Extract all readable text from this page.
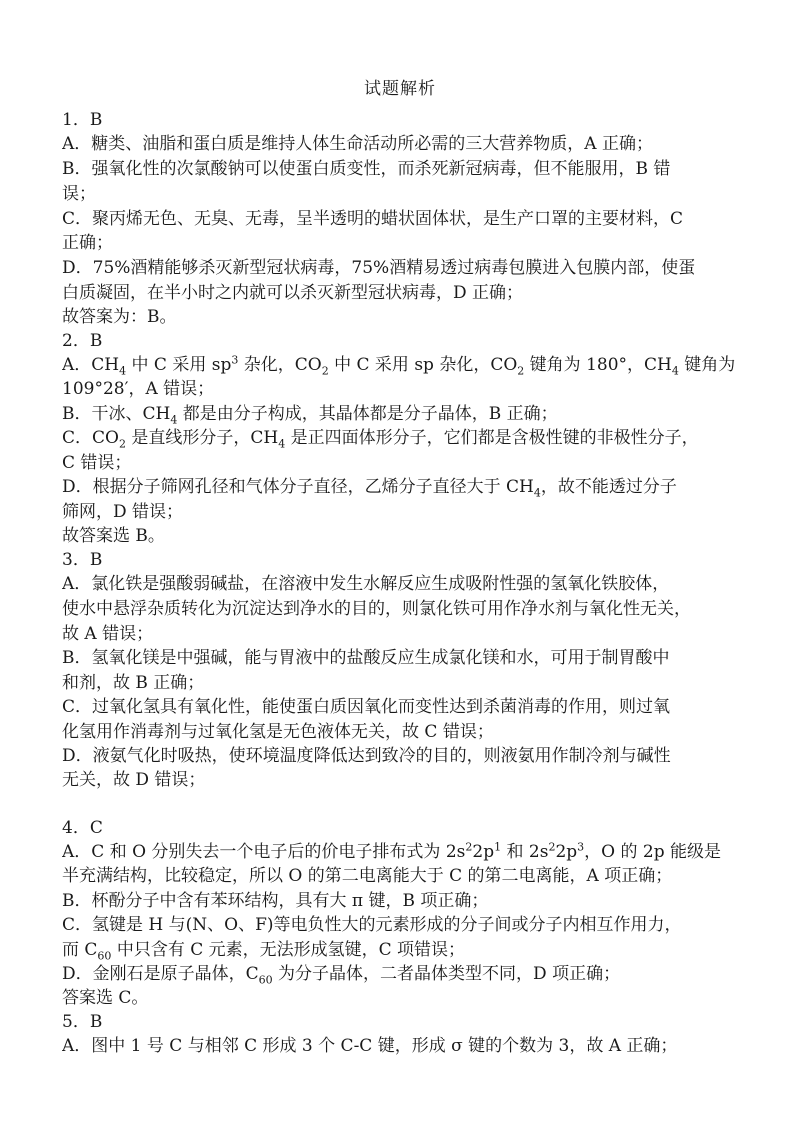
试题解析
1．B
A．糖类、油脂和蛋白质是维持人体生命活动所必需的三大营养物质，A 正确；
B．强氧化性的次氯酸钠可以使蛋白质变性，而杀死新冠病毒，但不能服用，B 错
误；
C．聚丙烯无色、无臭、无毒，呈半透明的蜡状固体状，是生产口罩的主要材料，C
正确；
D．75%酒精能够杀灭新型冠状病毒，75%酒精易透过病毒包膜进入包膜内部，使蛋
白质凝固，在半小时之内就可以杀灭新型冠状病毒，D 正确；
故答案为：B。
2．B
A．$CH_4$ 中 C 采用 $sp^3$ 杂化，$CO_2$ 中 C 采用 sp 杂化，$CO_2$ 键角为 180°，$CH_4$ 键角为
109°28′，A 错误；
B．干冰、$CH_4$ 都是由分子构成，其晶体都是分子晶体，B 正确；
C．$CO_2$ 是直线形分子，$CH_4$ 是正四面体形分子，它们都是含极性键的非极性分子，
C 错误；
D．根据分子筛网孔径和气体分子直径，乙烯分子直径大于 $CH_4$，故不能透过分子
筛网，D 错误；
故答案选 B。
3．B
A．氯化铁是强酸弱碱盐，在溶液中发生水解反应生成吸附性强的氢氧化铁胶体，
使水中悬浮杂质转化为沉淀达到净水的目的，则氯化铁可用作净水剂与氧化性无关，
故 A 错误；
B．氢氧化镁是中强碱，能与胃液中的盐酸反应生成氯化镁和水，可用于制胃酸中
和剂，故 B 正确；
C．过氧化氢具有氧化性，能使蛋白质因氧化而变性达到杀菌消毒的作用，则过氧
化氢用作消毒剂与过氧化氢是无色液体无关，故 C 错误；
D．液氨气化时吸热，使环境温度降低达到致冷的目的，则液氨用作制冷剂与碱性
无关，故 D 错误；
4．C
A．C 和 O 分别失去一个电子后的价电子排布式为 $2s^22p^1$ 和 $2s^22p^3$，O 的 2p 能级是
半充满结构，比较稳定，所以 O 的第二电离能大于 C 的第二电离能，A 项正确；
B．杯酚分子中含有苯环结构，具有大 π 键，B 项正确；
C．氢键是 H 与(N、O、F)等电负性大的元素形成的分子间或分子内相互作用力，
而 $C_{60}$ 中只含有 C 元素，无法形成氢键，C 项错误；
D．金刚石是原子晶体，$C_{60}$ 为分子晶体，二者晶体类型不同，D 项正确；
答案选 C。
5．B
A．图中 1 号 C 与相邻 C 形成 3 个 C-C 键，形成 σ 键的个数为 3，故 A 正确；
